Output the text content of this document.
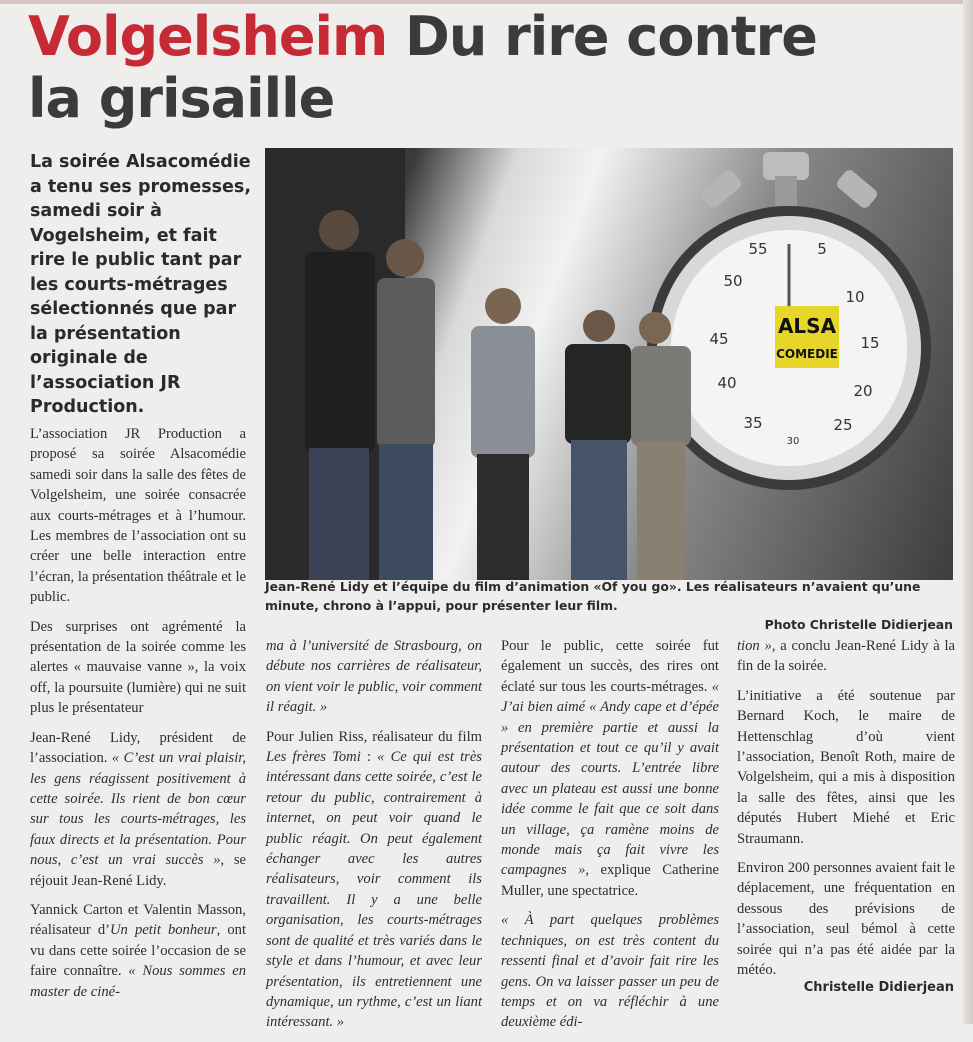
Volgelsheim Du rire contre
la grisaille
La soirée Alsacomédie a tenu ses promesses, samedi soir à Vogelsheim, et fait rire le public tant par les courts-métrages sélectionnés que par la présentation originale de l’association JR Production.
55	5
10
15
20
25
30
35
40
45
50
ALSA
COMEDIE
Jean-René Lidy et l’équipe du film d’animation «Of you go». Les réalisateurs n’avaient qu’une minute, chrono à l’appui, pour présenter leur film.
Photo Christelle Didierjean

L’association JR Production a proposé sa soirée Alsacomédie samedi soir dans la salle des fêtes de Volgelsheim, une soirée consacrée aux courts-métrages et à l’humour. Les membres de l’association ont su créer une belle interaction entre l’écran, la présentation théâtrale et le public.

Des surprises ont agrémenté la présentation de la soirée comme les alertes « mauvaise vanne », la voix off, la poursuite (lumière) qui ne suit plus le présentateur

Jean-René Lidy, président de l’association. « C’est un vrai plaisir, les gens réagissent positivement à cette soirée. Ils rient de bon cœur sur tous les courts-métrages, les faux directs et la présentation. Pour nous, c’est un vrai succès », se réjouit Jean-René Lidy.

Yannick Carton et Valentin Masson, réalisateur d’Un petit bonheur, ont vu dans cette soirée l’occasion de se faire connaître. « Nous sommes en master de ciné-

ma à l’université de Strasbourg, on débute nos carrières de réalisateur, on vient voir le public, voir comment il réagit. »

Pour Julien Riss, réalisateur du film Les frères Tomi : « Ce qui est très intéressant dans cette soirée, c’est le retour du public, contrairement à internet, on peut voir quand le public réagit. On peut également échanger avec les autres réalisateurs, voir comment ils travaillent. Il y a une belle organisation, les courts-métrages sont de qualité et très variés dans le style et dans l’humour, et avec leur présentation, ils entretiennent une dynamique, un rythme, c’est un liant intéressant. »

Pour le public, cette soirée fut également un succès, des rires ont éclaté sur tous les courts-métrages. « J’ai bien aimé « Andy cape et d’épée » en première partie et aussi la présentation et tout ce qu’il y avait autour des courts. L’entrée libre avec un plateau est aussi une bonne idée comme le fait que ce soit dans un village, ça ramène moins de monde mais ça fait vivre les campagnes », explique Catherine Muller, une spectatrice.

« À part quelques problèmes techniques, on est très content du ressenti final et d’avoir fait rire les gens. On va laisser passer un peu de temps et on va réfléchir à une deuxième édi-

tion », a conclu Jean-René Lidy à la fin de la soirée.

L’initiative a été soutenue par Bernard Koch, le maire de Hettenschlag d’où vient l’association, Benoît Roth, maire de Volgelsheim, qui a mis à disposition la salle des fêtes, ainsi que les députés Hubert Miehé et Eric Straumann.

Environ 200 personnes avaient fait le déplacement, une fréquentation en dessous des prévisions de l’association, seul bémol à cette soirée qui n’a pas été aidée par la météo.

Christelle Didierjean
